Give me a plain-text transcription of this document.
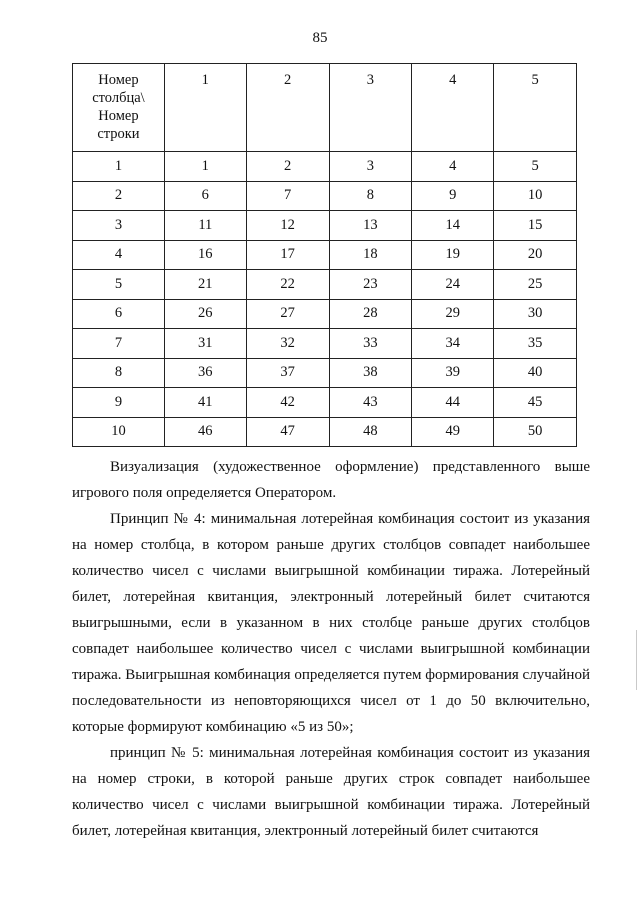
85
Номер
столбца\
Номер
строки	1	2	3	4	5
1	1	2	3	4	5
2	6	7	8	9	10
3	11	12	13	14	15
4	16	17	18	19	20
5	21	22	23	24	25
6	26	27	28	29	30
7	31	32	33	34	35
8	36	37	38	39	40
9	41	42	43	44	45
10	46	47	48	49	50

Визуализация (художественное оформление) представленного выше игрового поля определяется Оператором.

Принцип № 4: минимальная лотерейная комбинация состоит из указания на номер столбца, в котором раньше других столбцов совпадет наибольшее количество чисел с числами выигрышной комбинации тиража. Лотерейный билет, лотерейная квитанция, электронный лотерейный билет считаются выигрышными, если в указанном в них столбце раньше других столбцов совпадет наибольшее количество чисел с числами выигрышной комбинации тиража. Выигрышная комбинация определяется путем формирования случайной последовательности из неповторяющихся чисел от 1 до 50 включительно, которые формируют комбинацию «5 из 50»;

принцип № 5: минимальная лотерейная комбинация состоит из указания на номер строки, в которой раньше других строк совпадет наибольшее количество чисел с числами выигрышной комбинации тиража. Лотерейный билет, лотерейная квитанция, электронный лотерейный билет считаются
